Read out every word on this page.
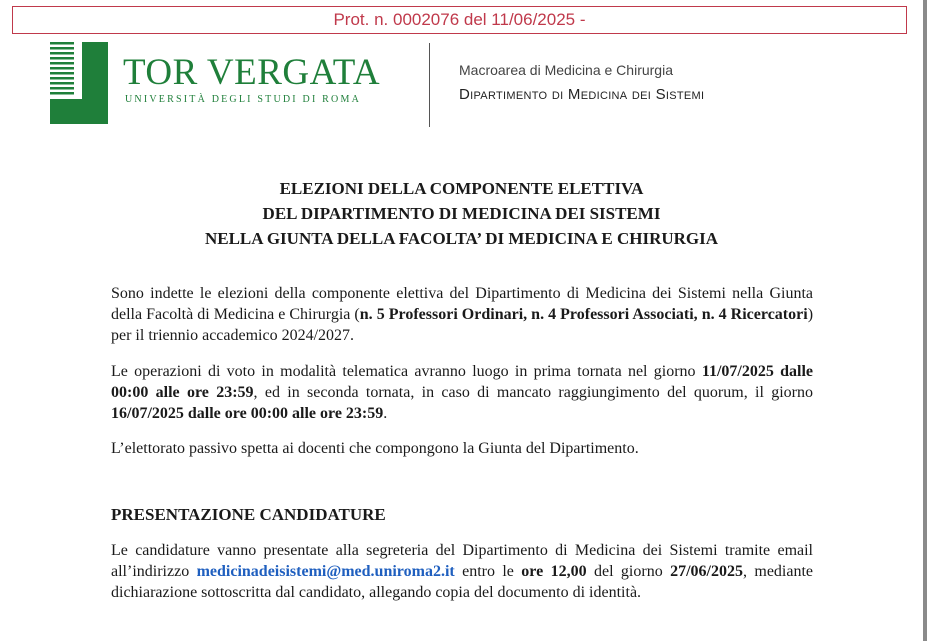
Prot. n. 0002076 del 11/06/2025 -
TOR VERGATA
UNIVERSITÀ DEGLI STUDI DI ROMA
Macroarea di Medicina e Chirurgia
Dipartimento di Medicina dei Sistemi
ELEZIONI DELLA COMPONENTE ELETTIVA
DEL DIPARTIMENTO DI MEDICINA DEI SISTEMI
NELLA GIUNTA DELLA FACOLTA’ DI MEDICINA E CHIRURGIA
Sono indette le elezioni della componente elettiva del Dipartimento di Medicina dei Sistemi nella Giunta della Facoltà di Medicina e Chirurgia (n. 5 Professori Ordinari, n. 4 Professori Associati, n. 4 Ricercatori) per il triennio accademico 2024/2027.
Le operazioni di voto in modalità telematica avranno luogo in prima tornata nel giorno 11/07/2025 dalle 00:00 alle ore 23:59, ed in seconda tornata, in caso di mancato raggiungimento del quorum, il giorno 16/07/2025 dalle ore 00:00 alle ore 23:59.
L’elettorato passivo spetta ai docenti che compongono la Giunta del Dipartimento.
PRESENTAZIONE CANDIDATURE
Le candidature vanno presentate alla segreteria del Dipartimento di Medicina dei Sistemi tramite email all’indirizzo medicinadeisistemi@med.uniroma2.it entro le ore 12,00 del giorno 27/06/2025, mediante dichiarazione sottoscritta dal candidato, allegando copia del documento di identità.
